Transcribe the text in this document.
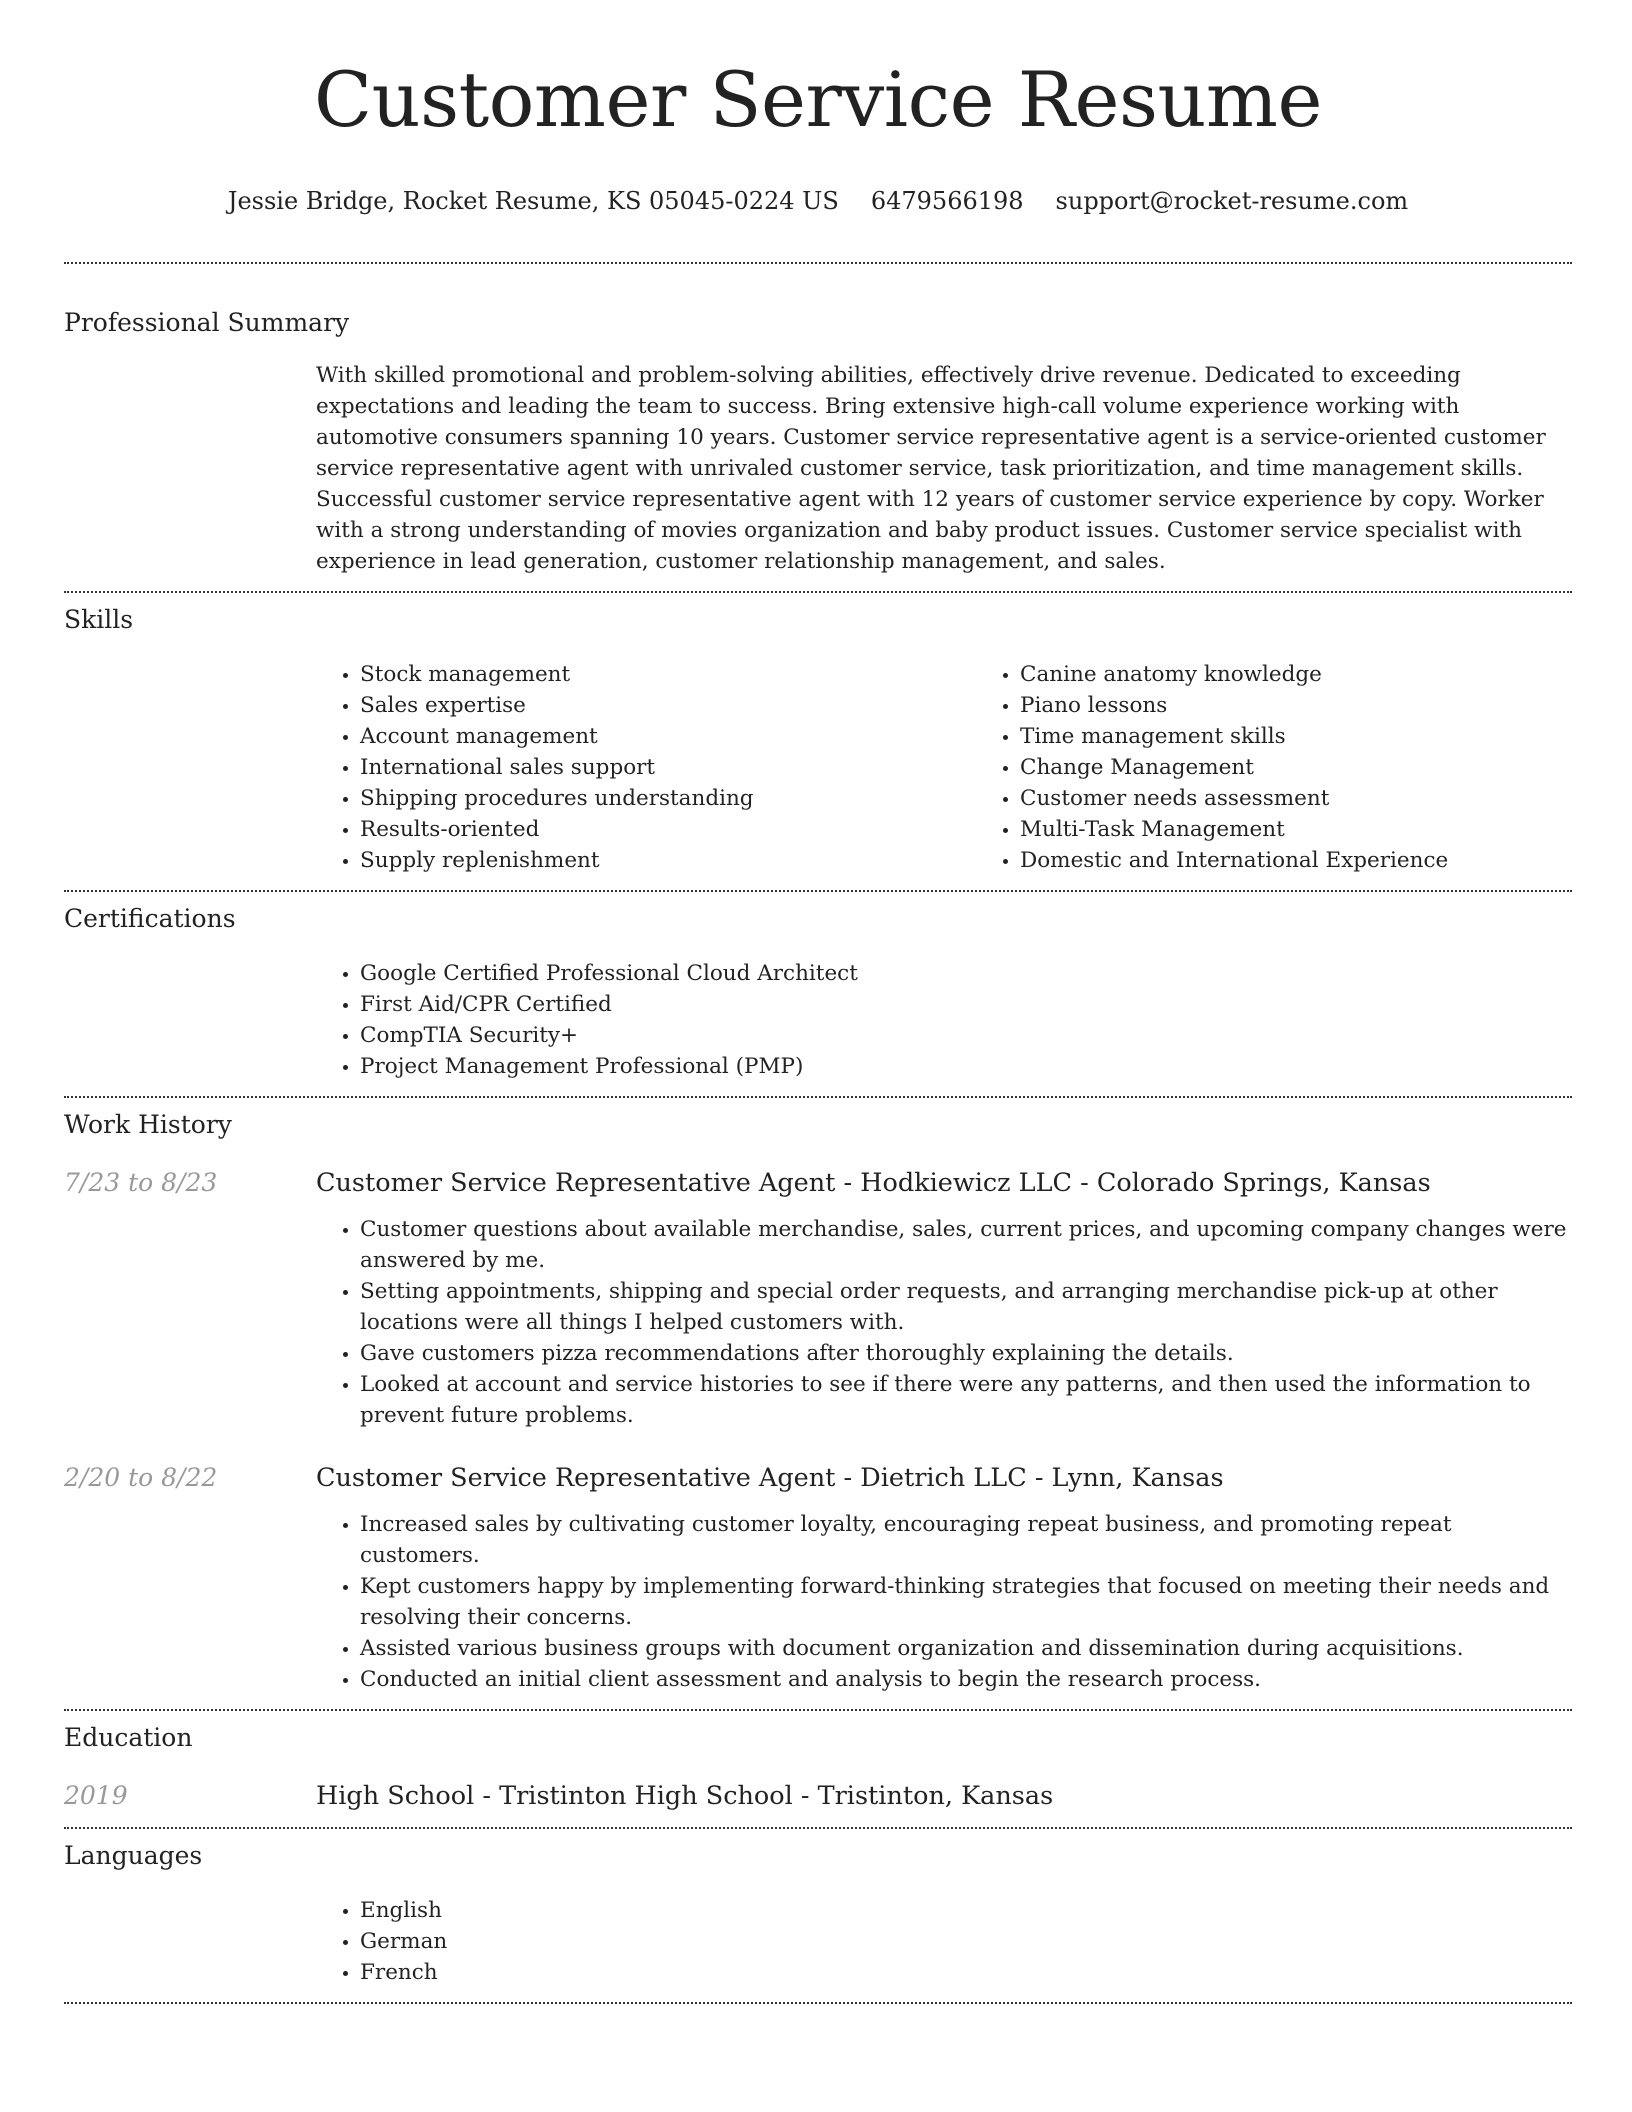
Customer Service Resume
Jessie Bridge, Rocket Resume, KS 05045-0224 US 6479566198 support@rocket-resume.com
Professional Summary

With skilled promotional and problem-solving abilities, effectively drive revenue. Dedicated to exceeding expectations and leading the team to success. Bring extensive high-call volume experience working with automotive consumers spanning 10 years. Customer service representative agent is a service-oriented customer service representative agent with unrivaled customer service, task prioritization, and time management skills. Successful customer service representative agent with 12 years of customer service experience by copy. Worker with a strong understanding of movies organization and baby product issues. Customer service specialist with experience in lead generation, customer relationship management, and sales.

Skills
• Stock management
• Sales expertise
• Account management
• International sales support
• Shipping procedures understanding
• Results-oriented
• Supply replenishment
• Canine anatomy knowledge
• Piano lessons
• Time management skills
• Change Management
• Customer needs assessment
• Multi-Task Management
• Domestic and International Experience
Certifications
• Google Certified Professional Cloud Architect
• First Aid/CPR Certified
• CompTIA Security+
• Project Management Professional (PMP)
Work History
7/23 to 8/23	Customer Service Representative Agent - Hodkiewicz LLC - Colorado Springs, Kansas
• Customer questions about available merchandise, sales, current prices, and upcoming company changes were answered by me.
• Setting appointments, shipping and special order requests, and arranging merchandise pick-up at other locations were all things I helped customers with.
• Gave customers pizza recommendations after thoroughly explaining the details.
• Looked at account and service histories to see if there were any patterns, and then used the information to prevent future problems.
2/20 to 8/22	Customer Service Representative Agent - Dietrich LLC - Lynn, Kansas
• Increased sales by cultivating customer loyalty, encouraging repeat business, and promoting repeat customers.
• Kept customers happy by implementing forward-thinking strategies that focused on meeting their needs and resolving their concerns.
• Assisted various business groups with document organization and dissemination during acquisitions.
• Conducted an initial client assessment and analysis to begin the research process.
Education
2019	High School - Tristinton High School - Tristinton, Kansas
Languages
• English
• German
• French
